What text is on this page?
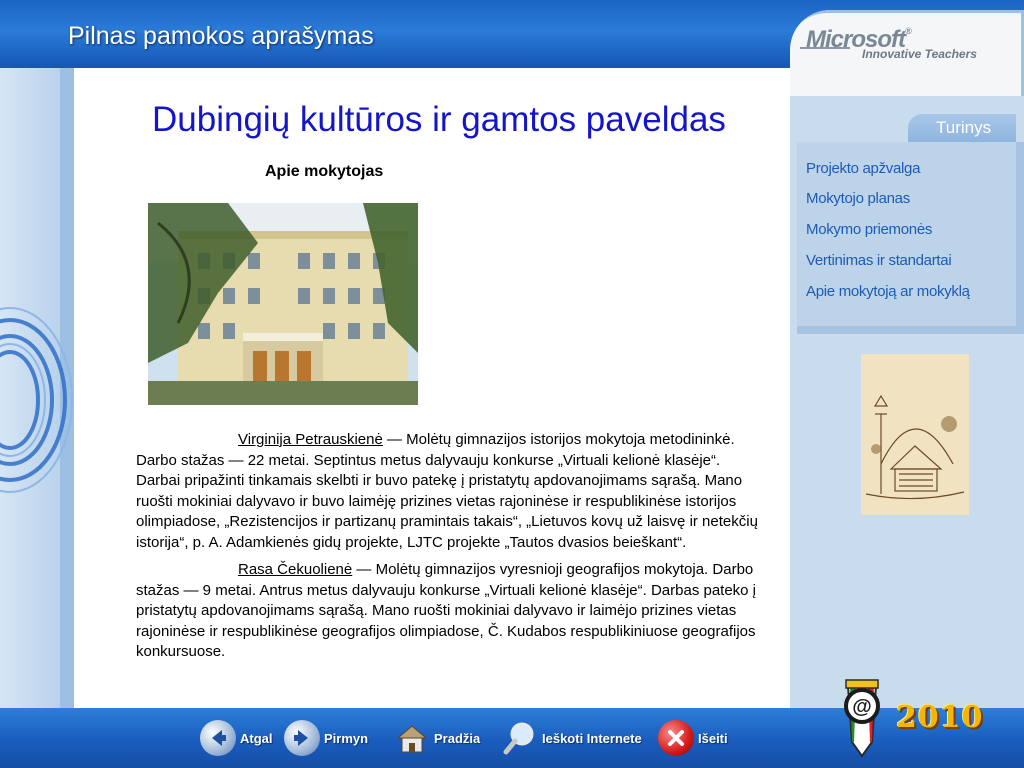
Pilnas pamokos aprašymas	Microsoft®
Innovative Teachers
Dubingių kultūros ir gamtos paveldas
Apie mokytojas

Virginija Petrauskienė — Molėtų gimnazijos istorijos mokytoja metodininkė. Darbo stažas — 22 metai. Septintus metus dalyvauju konkurse „Virtuali kelionė klasėje“. Darbai pripažinti tinkamais skelbti ir buvo patekę į pristatytų apdovanojimams sąrašą. Mano ruošti mokiniai dalyvavo ir buvo laimėję prizines vietas rajoninėse ir respublikinėse istorijos olimpiadose, „Rezistencijos ir partizanų pramintais takais“, „Lietuvos kovų už laisvę ir netekčių istorija“, p. A. Adamkienės gidų projekte, LJTC projekte „Tautos dvasios beieškant“.

Rasa Čekuolienė — Molėtų gimnazijos vyresnioji geografijos mokytoja. Darbo stažas — 9 metai. Antrus metus dalyvauju konkurse „Virtuali kelionė klasėje“. Darbas pateko į pristatytų apdovanojimams sąrašą. Mano ruošti mokiniai dalyvavo ir laimėjo prizines vietas rajoninėse ir respublikinėse geografijos olimpiadose, Č. Kudabos respublikiniuose geografijos konkursuose.

Turinys
Projekto apžvalga
Mokytojo planas
Mokymo priemonės
Vertinimas ir standartai
Apie mokytoją ar mokyklą
Atgal	Pirmyn	Pradžia	Ieškoti Internete	Išeiti
@ 2010
